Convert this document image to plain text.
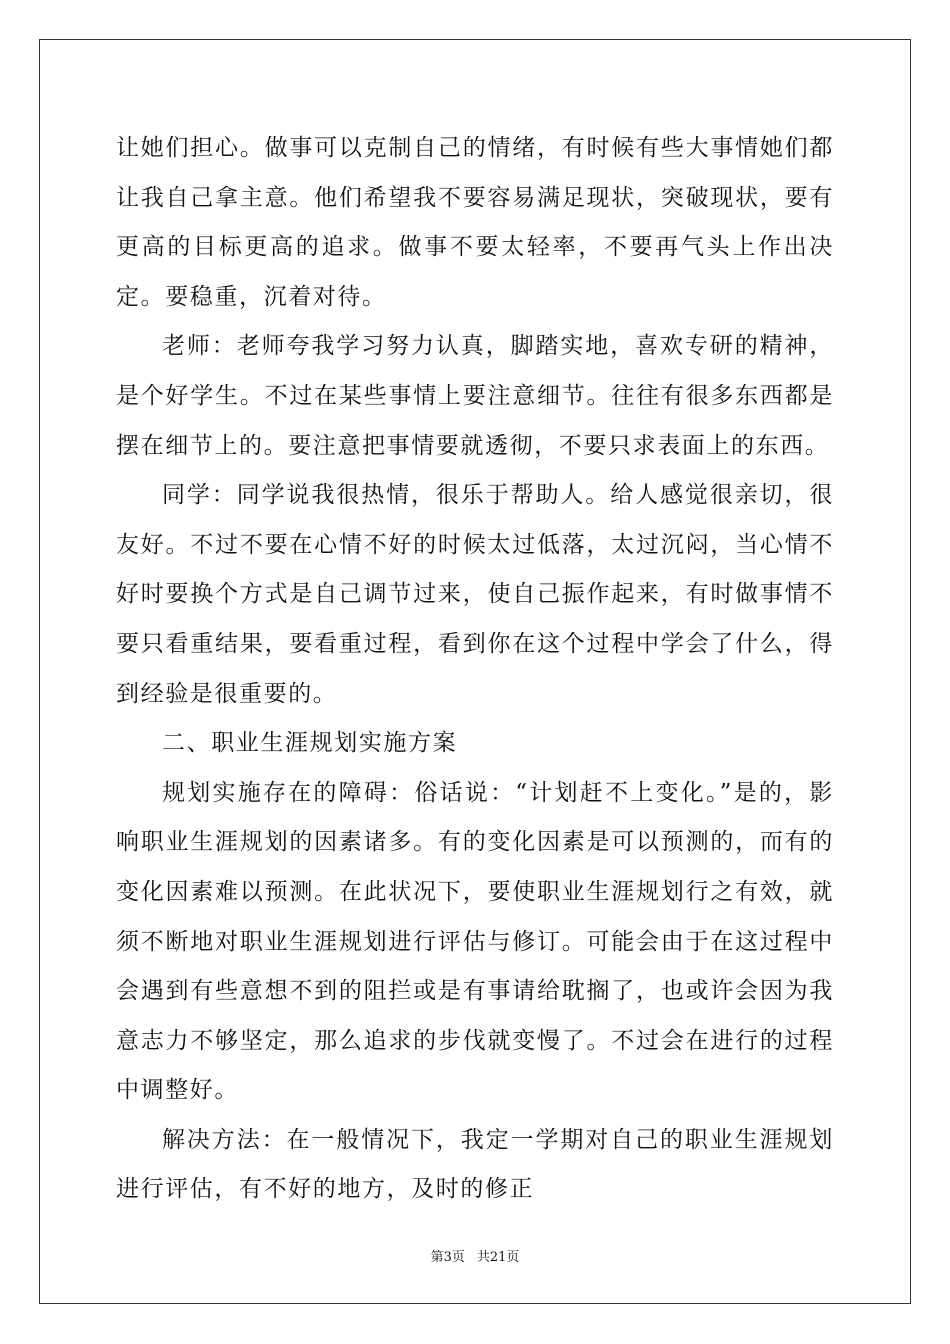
让她们担心。做事可以克制自己的情绪，有时候有些大事情她们都让我自己拿主意。他们希望我不要容易满足现状，突破现状，要有更高的目标更高的追求。做事不要太轻率，不要再气头上作出决定。要稳重，沉着对待。

老师：老师夸我学习努力认真，脚踏实地，喜欢专研的精神，是个好学生。不过在某些事情上要注意细节。往往有很多东西都是摆在细节上的。要注意把事情要就透彻，不要只求表面上的东西。

同学：同学说我很热情，很乐于帮助人。给人感觉很亲切，很友好。不过不要在心情不好的时候太过低落，太过沉闷，当心情不好时要换个方式是自己调节过来，使自己振作起来，有时做事情不要只看重结果，要看重过程，看到你在这个过程中学会了什么，得到经验是很重要的。

二、职业生涯规划实施方案

规划实施存在的障碍：俗话说：“计划赶不上变化。”是的，影响职业生涯规划的因素诸多。有的变化因素是可以预测的，而有的变化因素难以预测。在此状况下，要使职业生涯规划行之有效，就须不断地对职业生涯规划进行评估与修订。可能会由于在这过程中会遇到有些意想不到的阻拦或是有事请给耽搁了，也或许会因为我意志力不够坚定，那么追求的步伐就变慢了。不过会在进行的过程中调整好。

解决方法：在一般情况下，我定一学期对自己的职业生涯规划进行评估，有不好的地方，及时的修正

第3页 共21页
